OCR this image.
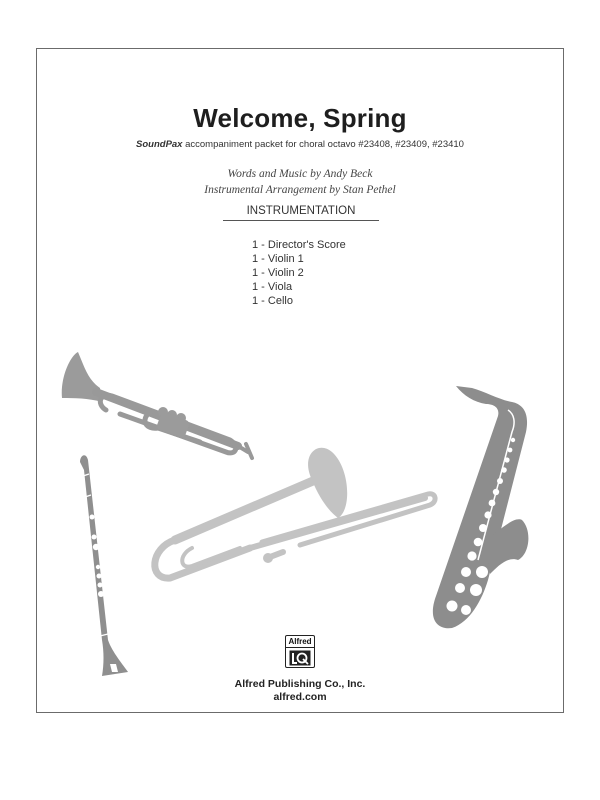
Welcome, Spring
SoundPax accompaniment packet for choral octavo #23408, #23409, #23410
Words and Music by Andy Beck
Instrumental Arrangement by Stan Pethel
INSTRUMENTATION
1 - Director's Score
1 - Violin 1
1 - Violin 2
1 - Viola
1 - Cello
Alfred
Alfred Publishing Co., Inc.
alfred.com
